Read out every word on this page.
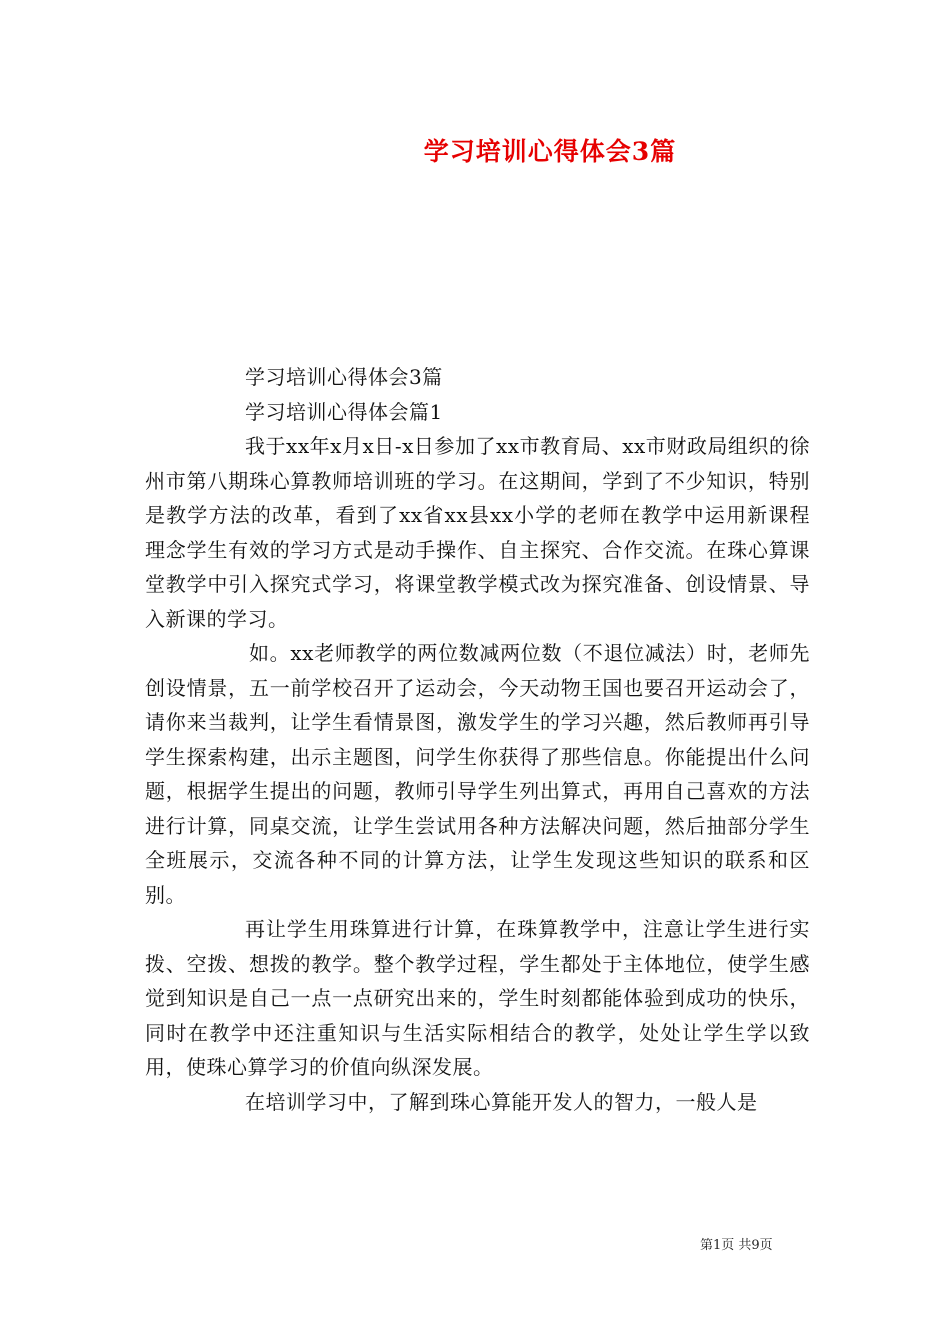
学习培训心得体会3篇

学习培训心得体会3篇

学习培训心得体会篇1

我于xx年x月x日-x日参加了xx市教育局、xx市财政局组织的徐州市第八期珠心算教师培训班的学习。在这期间，学到了不少知识，特别是教学方法的改革，看到了xx省xx县xx小学的老师在教学中运用新课程理念学生有效的学习方式是动手操作、自主探究、合作交流。在珠心算课堂教学中引入探究式学习，将课堂教学模式改为探究准备、创设情景、导入新课的学习。

如。xx老师教学的两位数减两位数（不退位减法）时，老师先创设情景，五一前学校召开了运动会，今天动物王国也要召开运动会了，请你来当裁判，让学生看情景图，激发学生的学习兴趣，然后教师再引导学生探索构建，出示主题图，问学生你获得了那些信息。你能提出什么问题，根据学生提出的问题，教师引导学生列出算式，再用自己喜欢的方法进行计算，同桌交流，让学生尝试用各种方法解决问题，然后抽部分学生全班展示，交流各种不同的计算方法，让学生发现这些知识的联系和区别。

再让学生用珠算进行计算，在珠算教学中，注意让学生进行实拨、空拨、想拨的教学。整个教学过程，学生都处于主体地位，使学生感觉到知识是自己一点一点研究出来的，学生时刻都能体验到成功的快乐，同时在教学中还注重知识与生活实际相结合的教学，处处让学生学以致用，使珠心算学习的价值向纵深发展。

在培训学习中，了解到珠心算能开发人的智力，一般人是

第1页 共9页
